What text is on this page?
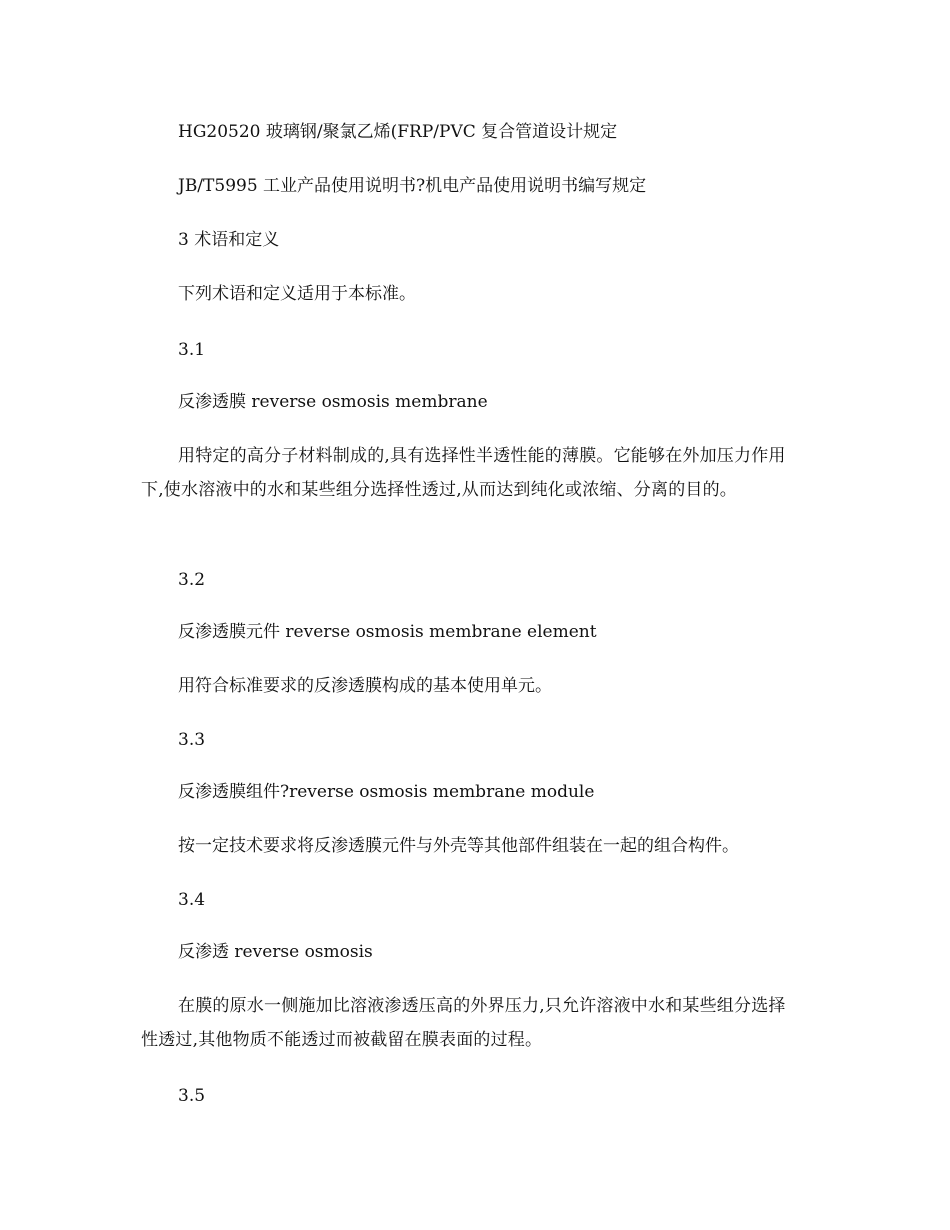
HG20520 玻璃钢/聚氯乙烯(FRP/PVC 复合管道设计规定
JB/T5995 工业产品使用说明书?机电产品使用说明书编写规定
3 术语和定义
下列术语和定义适用于本标准。
3.1
反渗透膜 reverse osmosis membrane
用特定的高分子材料制成的,具有选择性半透性能的薄膜。它能够在外加压力作用下,使水溶液中的水和某些组分选择性透过,从而达到纯化或浓缩、分离的目的。
3.2
反渗透膜元件 reverse osmosis membrane element
用符合标准要求的反渗透膜构成的基本使用单元。
3.3
反渗透膜组件?reverse osmosis membrane module
按一定技术要求将反渗透膜元件与外壳等其他部件组装在一起的组合构件。
3.4
反渗透 reverse osmosis
在膜的原水一侧施加比溶液渗透压高的外界压力,只允许溶液中水和某些组分选择性透过,其他物质不能透过而被截留在膜表面的过程。
3.5
